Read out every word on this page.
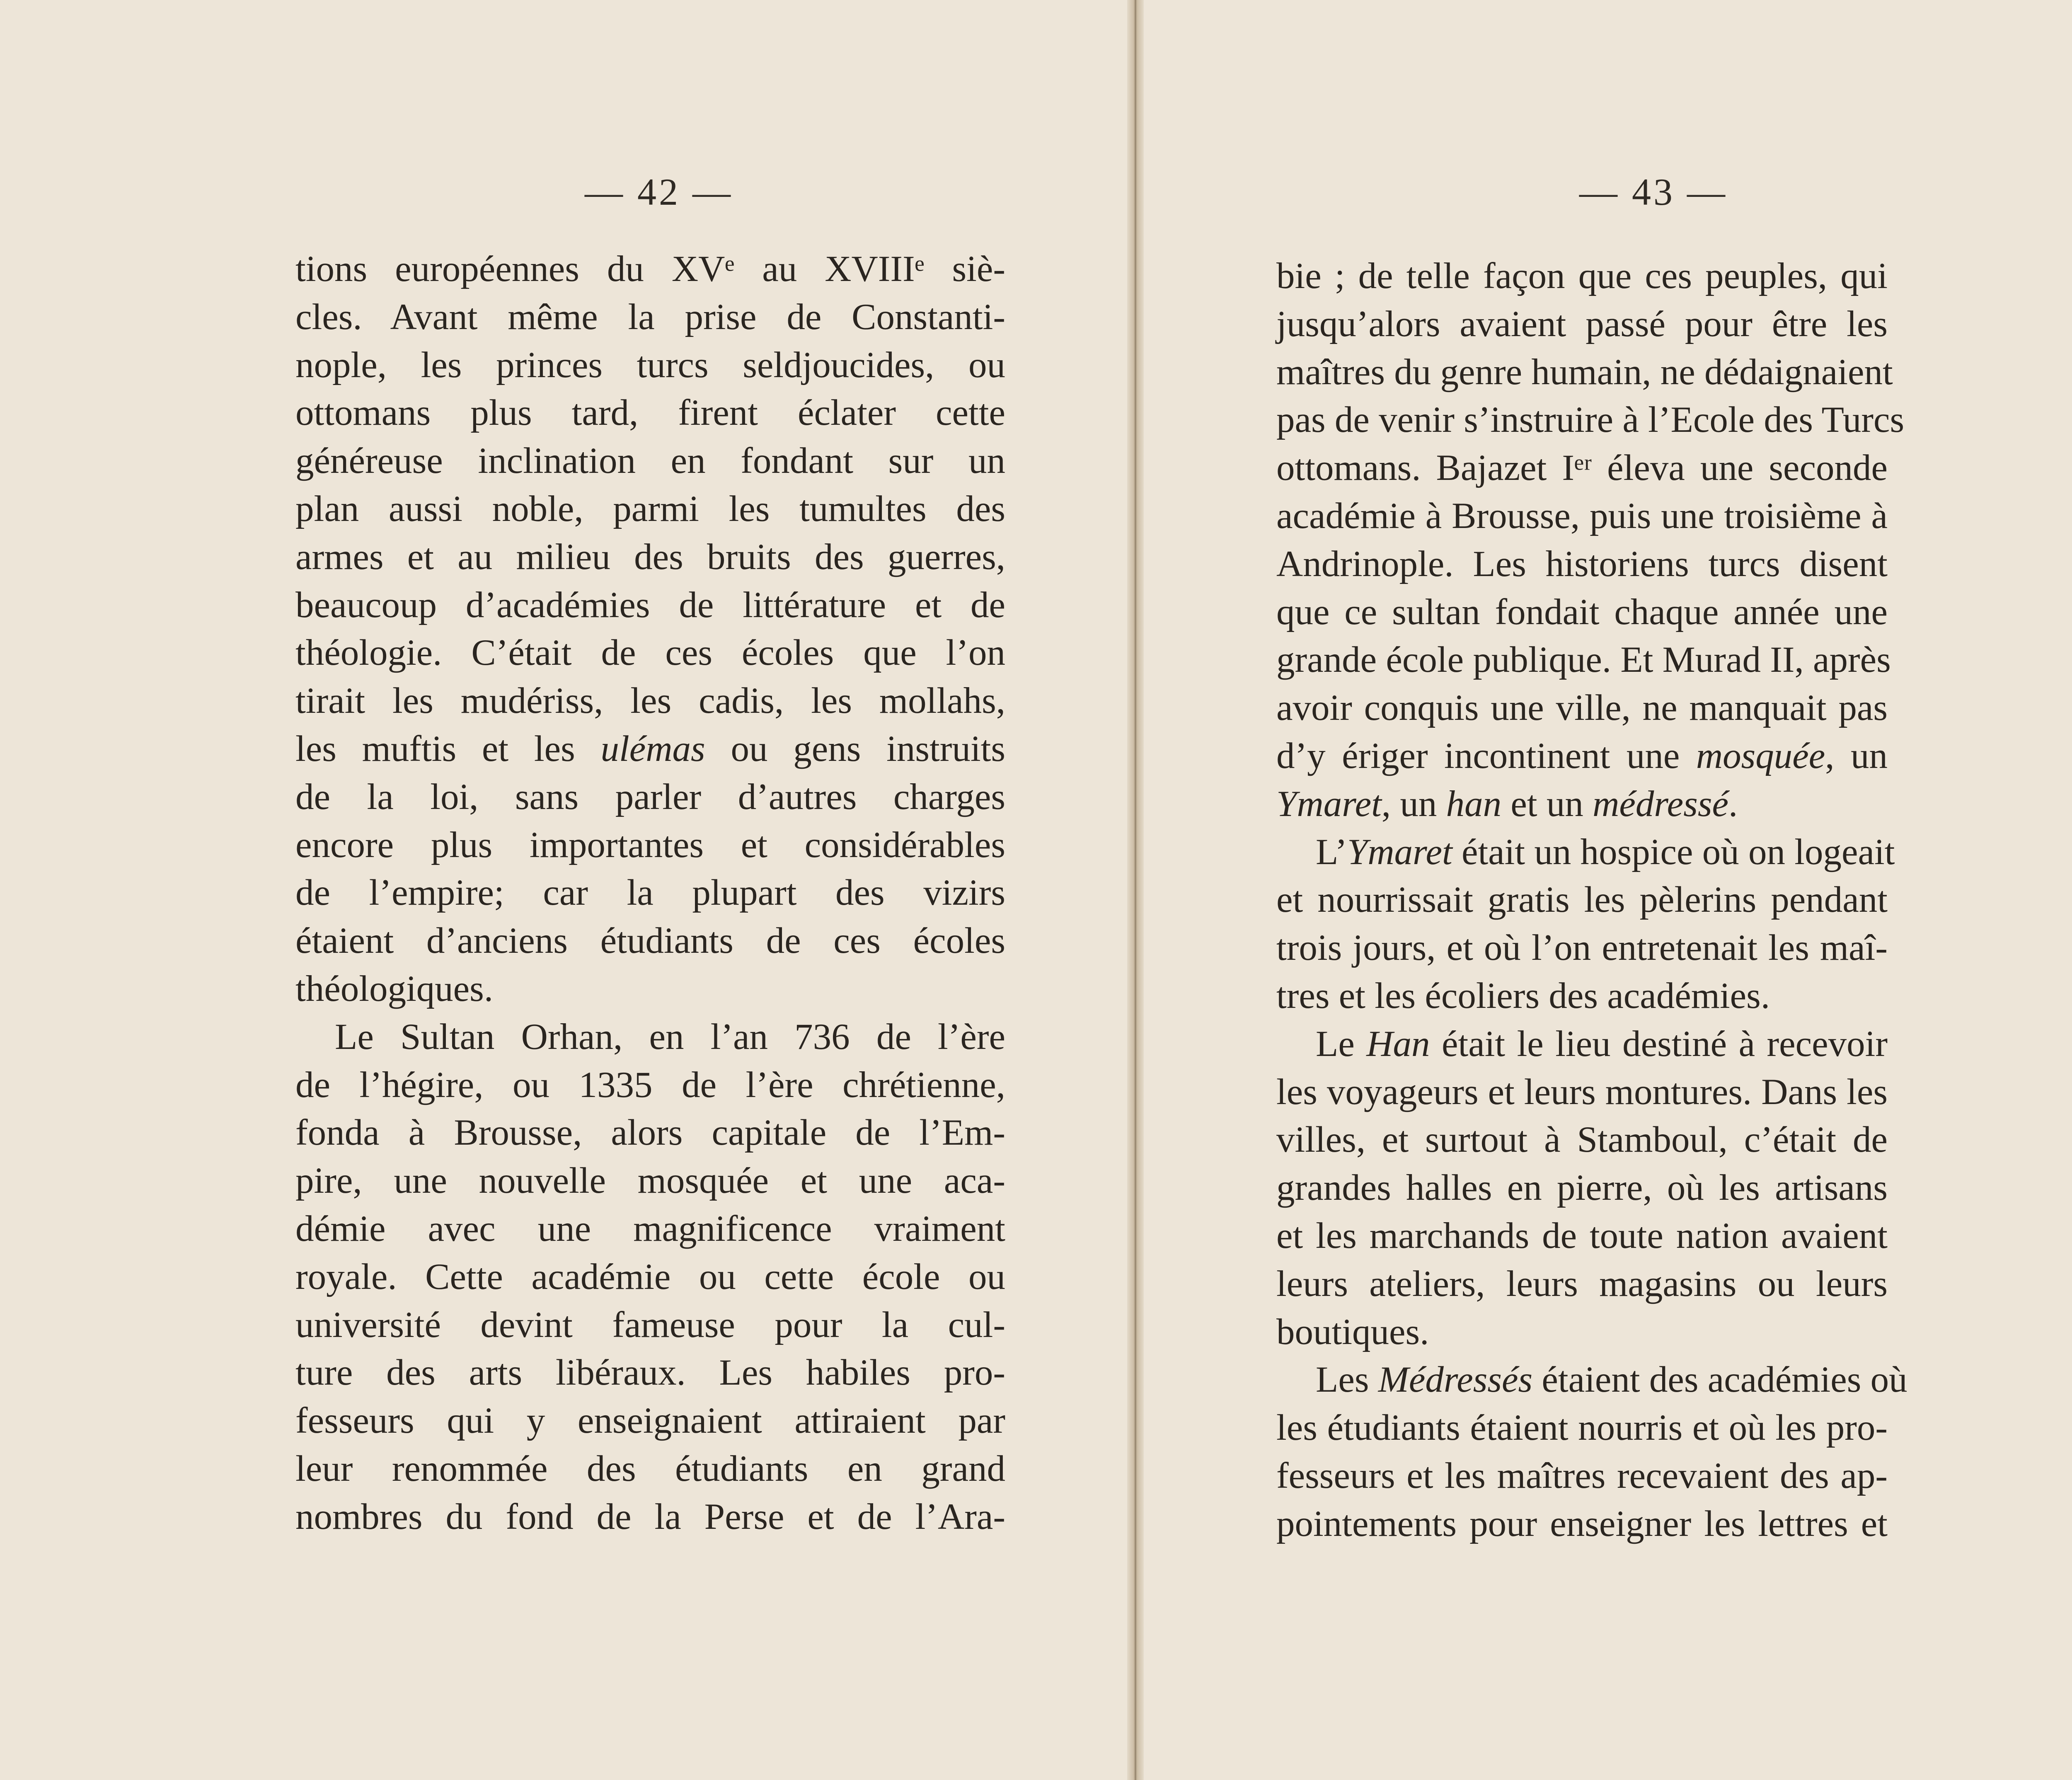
— 42 —
tions européennes du XVᵉ au XVIIIᵉ siè-
cles. Avant même la prise de Constanti-
nople, les princes turcs seldjoucides, ou
ottomans plus tard, firent éclater cette
généreuse inclination en fondant sur un
plan aussi noble, parmi les tumultes des
armes et au milieu des bruits des guerres,
beaucoup d’académies de littérature et de
théologie. C’était de ces écoles que l’on
tirait les mudériss, les cadis, les mollahs,
les muftis et les ulémas ou gens instruits
de la loi, sans parler d’autres charges
encore plus importantes et considérables
de l’empire; car la plupart des vizirs
étaient d’anciens étudiants de ces écoles
théologiques.
Le Sultan Orhan, en l’an 736 de l’ère
de l’hégire, ou 1335 de l’ère chrétienne,
fonda à Brousse, alors capitale de l’Em-
pire, une nouvelle mosquée et une aca-
démie avec une magnificence vraiment
royale. Cette académie ou cette école ou
université devint fameuse pour la cul-
ture des arts libéraux. Les habiles pro-
fesseurs qui y enseignaient attiraient par
leur renommée des étudiants en grand
nombres du fond de la Perse et de l’Ara-
— 43 —
bie ; de telle façon que ces peuples, qui
jusqu’alors avaient passé pour être les
maîtres du genre humain, ne dédaignaient
pas de venir s’instruire à l’Ecole des Turcs
ottomans. Bajazet Iᵉʳ éleva une seconde
académie à Brousse, puis une troisième à
Andrinople. Les historiens turcs disent
que ce sultan fondait chaque année une
grande école publique. Et Murad II, après
avoir conquis une ville, ne manquait pas
d’y ériger incontinent une mosquée, un
Ymaret, un han et un médressé.
L’Ymaret était un hospice où on logeait
et nourrissait gratis les pèlerins pendant
trois jours, et où l’on entretenait les maî-
tres et les écoliers des académies.
Le Han était le lieu destiné à recevoir
les voyageurs et leurs montures. Dans les
villes, et surtout à Stamboul, c’était de
grandes halles en pierre, où les artisans
et les marchands de toute nation avaient
leurs ateliers, leurs magasins ou leurs
boutiques.
Les Médressés étaient des académies où
les étudiants étaient nourris et où les pro-
fesseurs et les maîtres recevaient des ap-
pointements pour enseigner les lettres et
